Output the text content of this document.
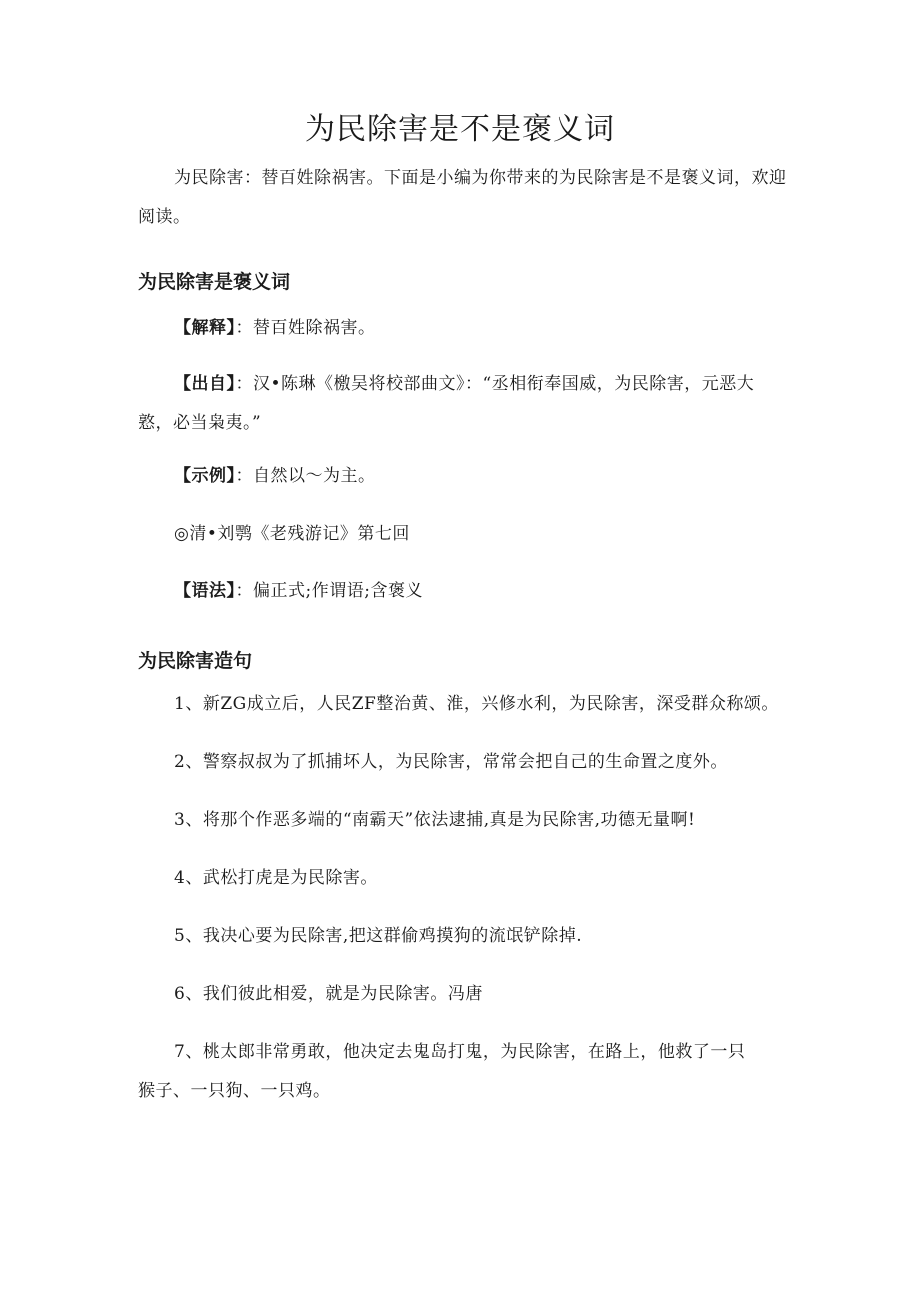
为民除害是不是褒义词
为民除害：替百姓除祸害。下面是小编为你带来的为民除害是不是褒义词，欢迎
阅读。
为民除害是褒义词
【解释】：替百姓除祸害。
【出自】：汉•陈琳《檄吴将校部曲文》：“丞相衔奉国威，为民除害，元恶大
憝，必当枭夷。”
【示例】：自然以～为主。
◎清•刘鹗《老残游记》第七回
【语法】：偏正式;作谓语;含褒义
为民除害造句
1、新ZG成立后，人民ZF整治黄、淮，兴修水利，为民除害，深受群众称颂。
2、警察叔叔为了抓捕坏人，为民除害，常常会把自己的生命置之度外。
3、将那个作恶多端的“南霸天”依法逮捕,真是为民除害,功德无量啊!
4、武松打虎是为民除害。
5、我决心要为民除害,把这群偷鸡摸狗的流氓铲除掉.
6、我们彼此相爱，就是为民除害。冯唐
7、桃太郎非常勇敢，他决定去鬼岛打鬼，为民除害，在路上，他救了一只
猴子、一只狗、一只鸡。
